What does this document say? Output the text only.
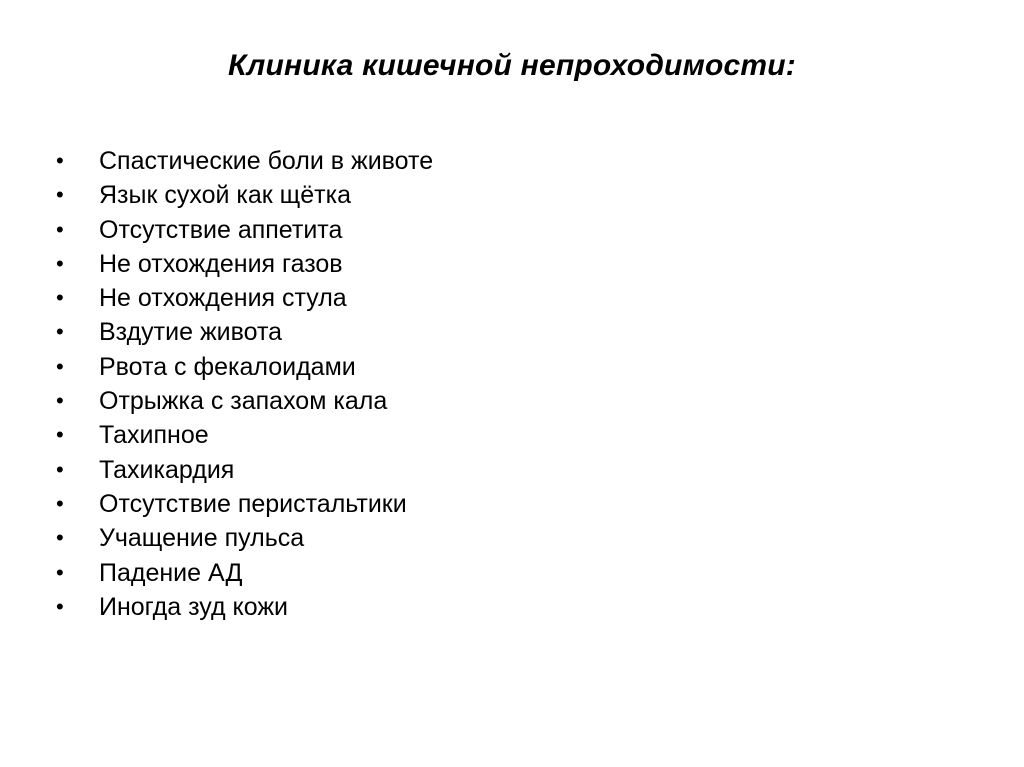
Клиника кишечной непроходимости:
•	Спастические боли в животе
•	Язык сухой как щётка
•	Отсутствие аппетита
•	Не отхождения газов
•	Не отхождения стула
•	Вздутие живота
•	Рвота с фекалоидами
•	Отрыжка с запахом кала
•	Тахипное
•	Тахикардия
•	Отсутствие перистальтики
•	Учащение пульса
•	Падение АД
•	Иногда зуд кожи
